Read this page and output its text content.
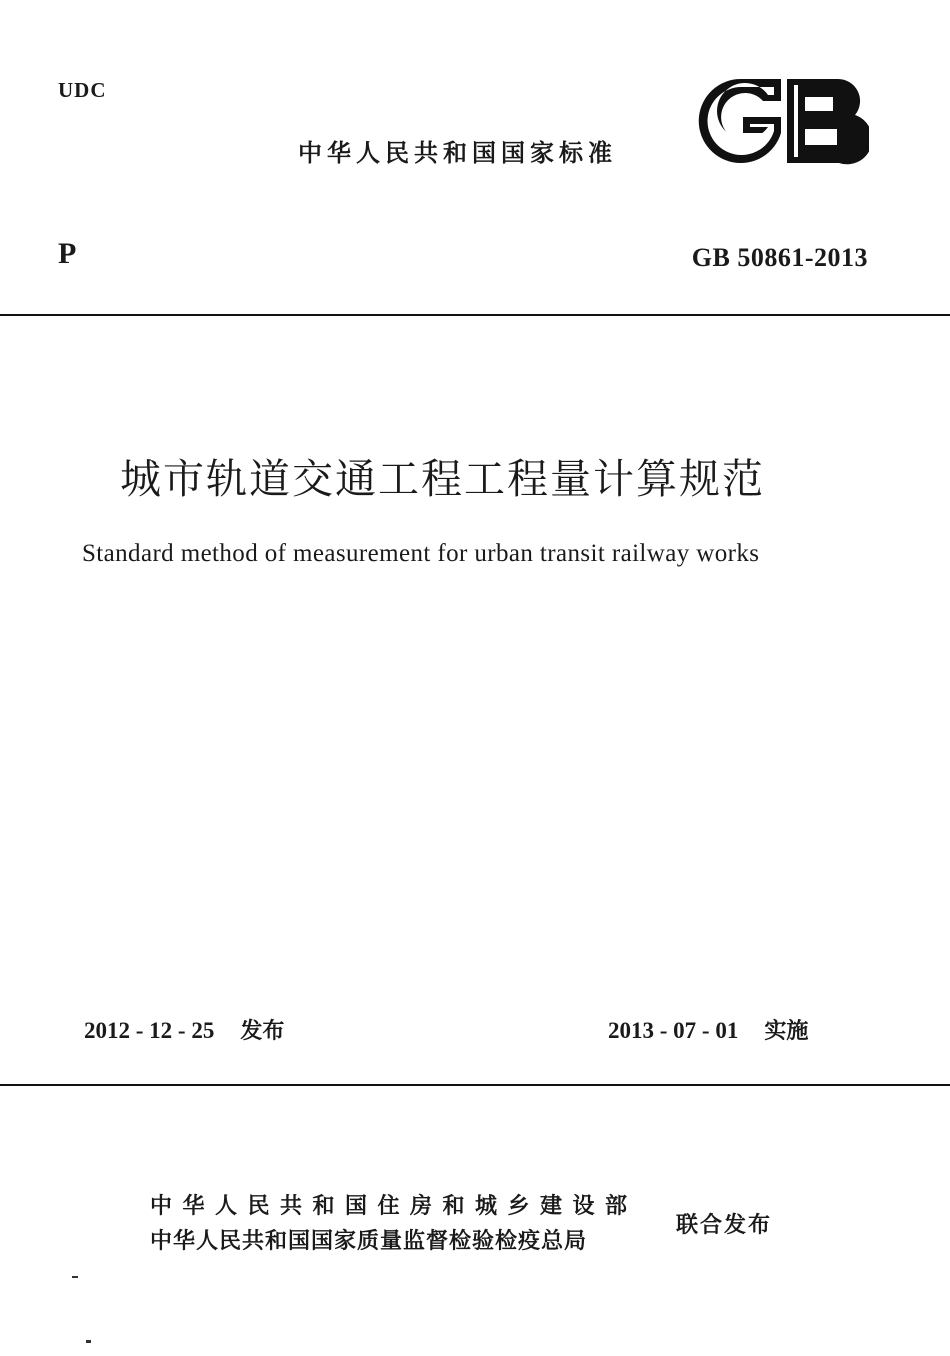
UDC
中华人民共和国国家标准
P	GB 50861-2013
城市轨道交通工程工程量计算规范
Standard method of measurement for urban transit railway works
2012 - 12 - 25 发布	2013 - 07 - 01 实施
中华人民共和国住房和城乡建设部
中华人民共和国国家质量监督检验检疫总局
联合发布
